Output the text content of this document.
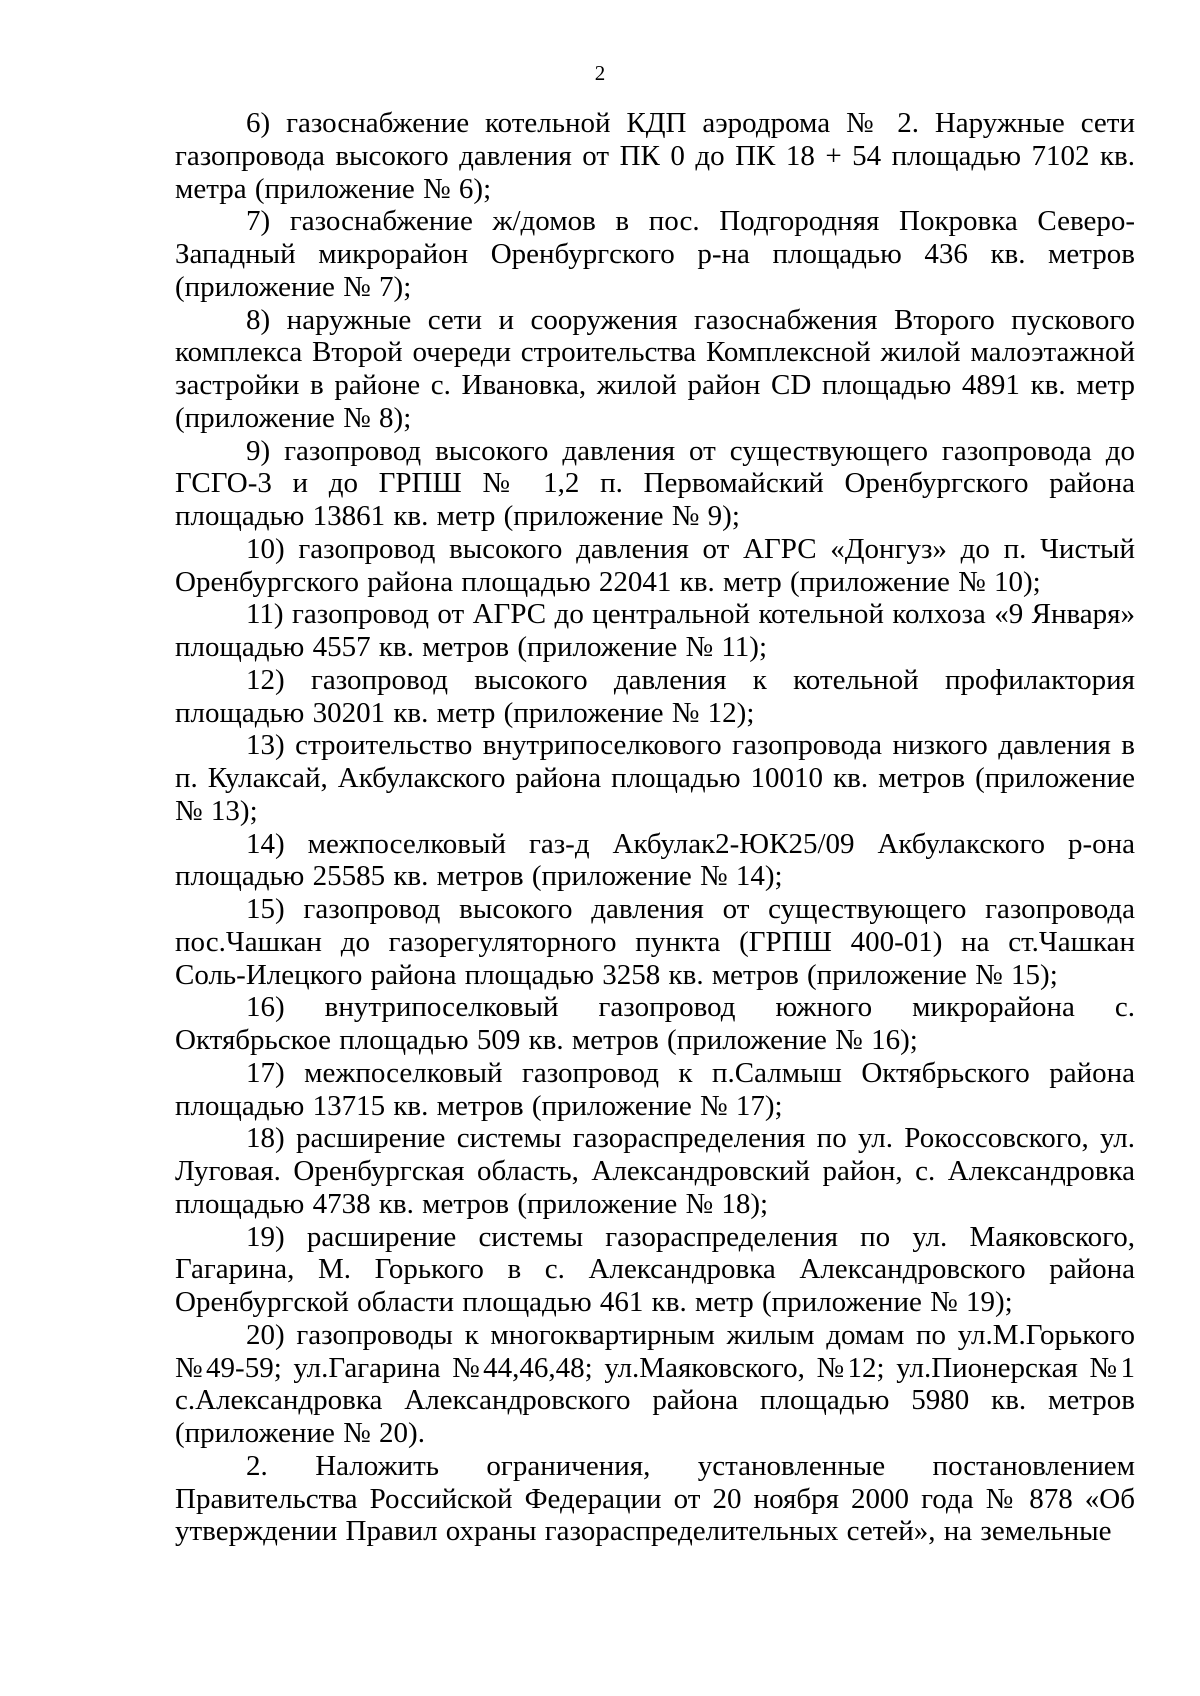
2

6) газоснабжение котельной КДП аэродрома № 2. Наружные сети газопровода высокого давления от ПК 0 до ПК 18 + 54 площадью 7102 кв. метра (приложение № 6);

7) газоснабжение ж/домов в пос. Подгородняя Покровка Северо-Западный микрорайон Оренбургского р-на площадью 436 кв. метров (приложение № 7);

8) наружные сети и сооружения газоснабжения Второго пускового комплекса Второй очереди строительства Комплексной жилой малоэтажной застройки в районе с. Ивановка, жилой район CD площадью 4891 кв. метр (приложение № 8);

9) газопровод высокого давления от существующего газопровода до ГСГО-3 и до ГРПШ № 1,2 п. Первомайский Оренбургского района площадью 13861 кв. метр (приложение № 9);

10) газопровод высокого давления от АГРС «Донгуз» до п. Чистый Оренбургского района площадью 22041 кв. метр (приложение № 10);

11) газопровод от АГРС до центральной котельной колхоза «9 Января» площадью 4557 кв. метров (приложение № 11);

12) газопровод высокого давления к котельной профилактория площадью 30201 кв. метр (приложение № 12);

13) строительство внутрипоселкового газопровода низкого давления в п. Кулаксай, Акбулакского района площадью 10010 кв. метров (приложение № 13);

14) межпоселковый газ-д Акбулак2-ЮК25/09 Акбулакского р-она площадью 25585 кв. метров (приложение № 14);

15) газопровод высокого давления от существующего газопровода пос.Чашкан до газорегуляторного пункта (ГРПШ 400-01) на ст.Чашкан Соль-Илецкого района площадью 3258 кв. метров (приложение № 15);

16) внутрипоселковый газопровод южного микрорайона с. Октябрьское площадью 509 кв. метров (приложение № 16);

17) межпоселковый газопровод к п.Салмыш Октябрьского района площадью 13715 кв. метров (приложение № 17);

18) расширение системы газораспределения по ул. Рокоссовского, ул. Луговая. Оренбургская область, Александровский район, с. Александровка площадью 4738 кв. метров (приложение № 18);

19) расширение системы газораспределения по ул. Маяковского, Гагарина, М. Горького в с. Александровка Александровского района Оренбургской области площадью 461 кв. метр (приложение № 19);

20) газопроводы к многоквартирным жилым домам по ул.М.Горького №49-59; ул.Гагарина №44,46,48; ул.Маяковского, №12; ул.Пионерская №1 с.Александровка Александровского района площадью 5980 кв. метров (приложение № 20).

2. Наложить ограничения, установленные постановлением Правительства Российской Федерации от 20 ноября 2000 года № 878 «Об утверждении Правил охраны газораспределительных сетей», на земельные
